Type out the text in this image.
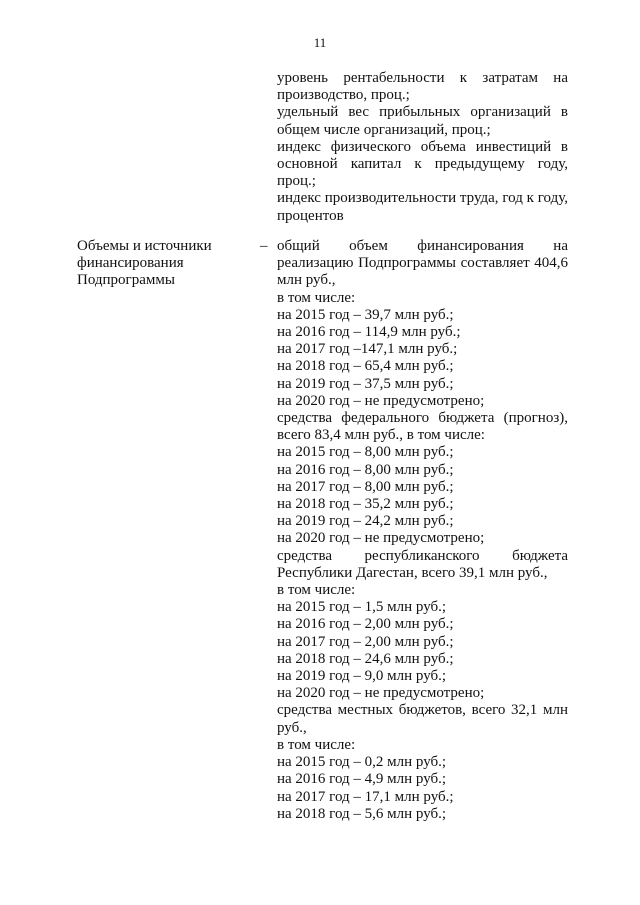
11
уровень рентабельности к затратам на производство, проц.;
удельный вес прибыльных организаций в общем числе организаций, проц.;
индекс физического объема инвестиций в основной капитал к предыдущему году, проц.;
индекс производительности труда, год к году, процентов
Объемы и источники финансирования Подпрограммы
– общий объем финансирования на реализацию Подпрограммы составляет 404,6 млн руб.,
в том числе:
на 2015 год – 39,7 млн руб.;
на 2016 год – 114,9 млн руб.;
на 2017 год –147,1 млн руб.;
на 2018 год – 65,4 млн руб.;
на 2019 год – 37,5 млн руб.;
на 2020 год – не предусмотрено;
средства федерального бюджета (прогноз), всего 83,4 млн руб., в том числе:
на 2015 год – 8,00 млн руб.;
на 2016 год – 8,00 млн руб.;
на 2017 год – 8,00 млн руб.;
на 2018 год – 35,2 млн руб.;
на 2019 год – 24,2 млн руб.;
на 2020 год – не предусмотрено;
средства республиканского бюджета Республики Дагестан, всего 39,1 млн руб.,
в том числе:
на 2015 год – 1,5 млн руб.;
на 2016 год – 2,00 млн руб.;
на 2017 год – 2,00 млн руб.;
на 2018 год – 24,6 млн руб.;
на 2019 год – 9,0 млн руб.;
на 2020 год – не предусмотрено;
средства местных бюджетов, всего 32,1 млн руб.,
в том числе:
на 2015 год – 0,2 млн руб.;
на 2016 год – 4,9 млн руб.;
на 2017 год – 17,1 млн руб.;
на 2018 год – 5,6 млн руб.;
